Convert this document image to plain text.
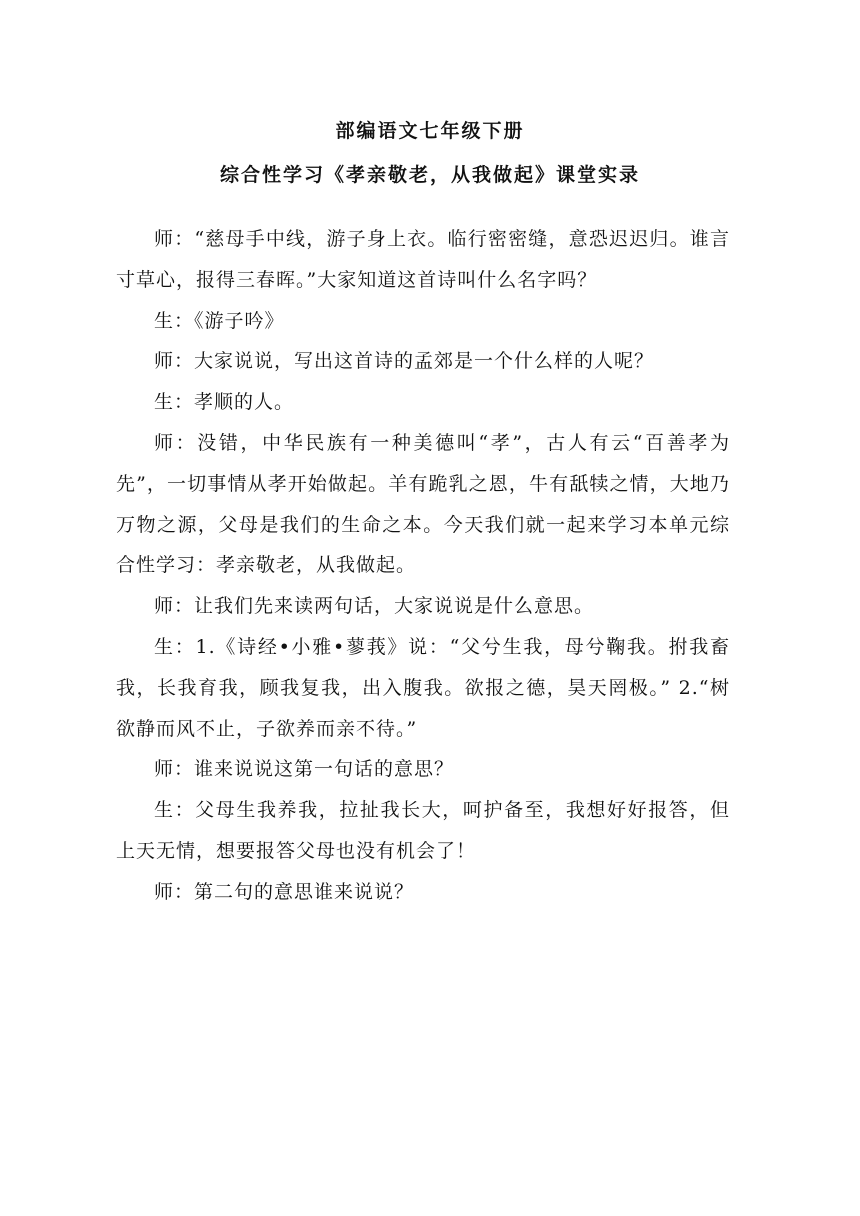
部编语文七年级下册
综合性学习《孝亲敬老，从我做起》课堂实录

师：“慈母手中线，游子身上衣。临行密密缝，意恐迟迟归。谁言寸草心，报得三春晖。”大家知道这首诗叫什么名字吗？

生：《游子吟》

师：大家说说，写出这首诗的孟郊是一个什么样的人呢？

生：孝顺的人。

师：没错，中华民族有一种美德叫“孝”，古人有云“百善孝为先”，一切事情从孝开始做起。羊有跪乳之恩，牛有舐犊之情，大地乃万物之源，父母是我们的生命之本。今天我们就一起来学习本单元综合性学习：孝亲敬老，从我做起。

师：让我们先来读两句话，大家说说是什么意思。

生：1.《诗经•小雅•蓼莪》说：“父兮生我，母兮鞠我。拊我畜我，长我育我，顾我复我，出入腹我。欲报之德，昊天罔极。” 2.“树欲静而风不止，子欲养而亲不待。”

师：谁来说说这第一句话的意思？

生：父母生我养我，拉扯我长大，呵护备至，我想好好报答，但上天无情，想要报答父母也没有机会了！

师：第二句的意思谁来说说？
